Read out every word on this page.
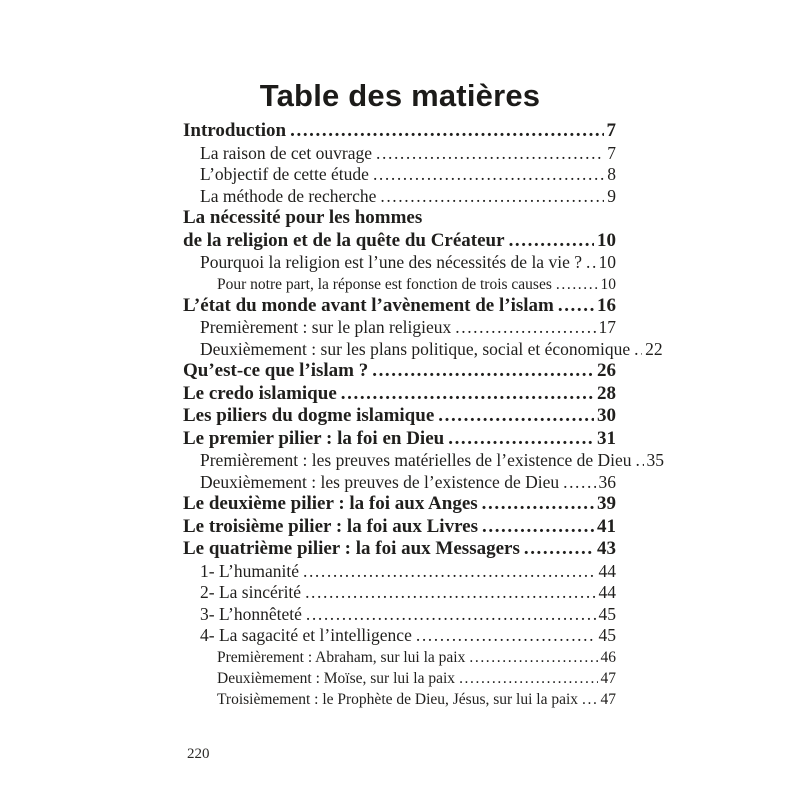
Table des matières
Introduction .....	7
La raison de cet ouvrage .....	7
L’objectif de cette étude .....	8
La méthode de recherche .....	9
La nécessité pour les hommes
de la religion et de la quête du Créateur .....	10
Pourquoi la religion est l’une des nécessités de la vie ? ..... 10
Pour notre part, la réponse est fonction de trois causes .....	10
L’état du monde avant l’avènement de l’islam ..... 16
Premièrement : sur le plan religieux .....	17
Deuxièmement : sur les plans politique, social et économique ..... 22
Qu’est-ce que l’islam ? .....	26
Le credo islamique .....	28
Les piliers du dogme islamique .....	30
Le premier pilier : la foi en Dieu .....	31
Premièrement : les preuves matérielles de l’existence de Dieu ..... 35
Deuxièmement : les preuves de l’existence de Dieu ..... 36
Le deuxième pilier : la foi aux Anges .....	39
Le troisième pilier : la foi aux Livres .....	41
Le quatrième pilier : la foi aux Messagers .....	43
1- L’humanité .....	44
2- La sincérité .....	44
3- L’honnêteté .....	45
4- La sagacité et l’intelligence .....	45
Premièrement : Abraham, sur lui la paix .....	46
Deuxièmement : Moïse, sur lui la paix .....	47
Troisièmement : le Prophète de Dieu, Jésus, sur lui la paix ..... 47
220
